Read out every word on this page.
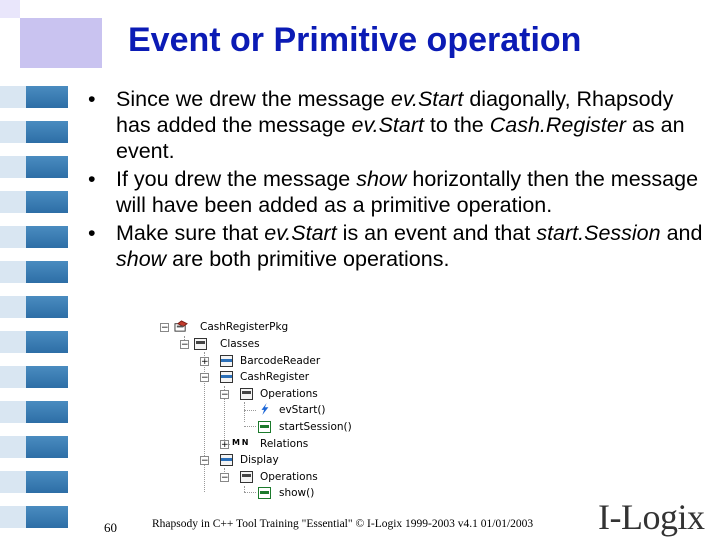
Event or Primitive operation
• Since we drew the message ev.Start diagonally, Rhapsody has added the message ev.Start to the Cash.Register as an event.
• If you drew the message show horizontally then the message will have been added as a primitive operation.
• Make sure that ev.Start is an event and that start.Session and show are both primitive operations.
−	CashRegisterPkg
−	Classes
+	BarcodeReader
−	CashRegister
−	Operations
evStart()
startSession()
+ M N	Relations
−	Display
−	Operations
show()
60	Rhapsody in C++ Tool Training "Essential" © I-Logix 1999-2003 v4.1 01/01/2003 I-Logix
